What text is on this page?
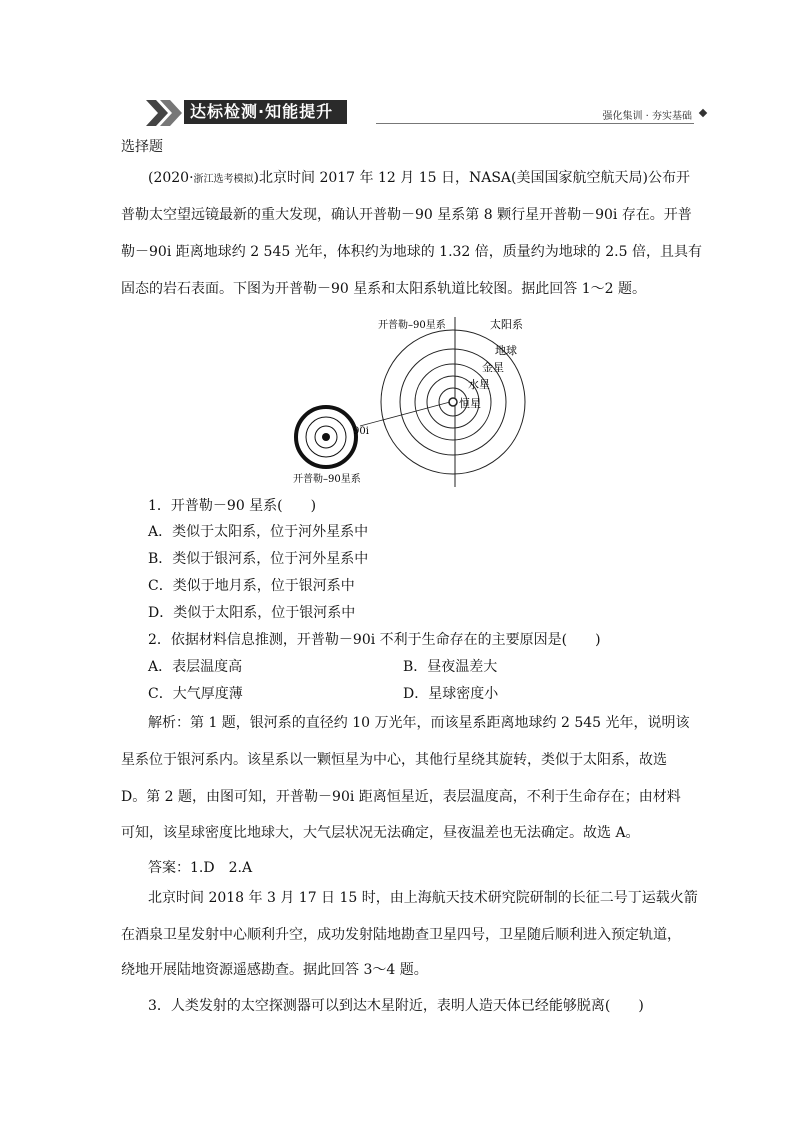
达标检测·知能提升	强化集训 · 夯实基础
选择题
(2020·浙江选考模拟)北京时间 2017 年 12 月 15 日，NASA(美国国家航空航天局)公布开
普勒太空望远镜最新的重大发现，确认开普勒－90 星系第 8 颗行星开普勒－90i 存在。开普
勒－90i 距离地球约 2 545 光年，体积约为地球的 1.32 倍，质量约为地球的 2.5 倍，且具有
固态的岩石表面。下图为开普勒－90 星系和太阳系轨道比较图。据此回答 1～2 题。
开普勒–90星系	太阳系
地球
金星
水星
恒星
90i
开普勒–90星系
1．开普勒－90 星系(　　)
A．类似于太阳系，位于河外星系中
B．类似于银河系，位于河外星系中
C．类似于地月系，位于银河系中
D．类似于太阳系，位于银河系中
2．依据材料信息推测，开普勒－90i 不利于生命存在的主要原因是(　　)
A．表层温度高	B．昼夜温差大
C．大气厚度薄	D．星球密度小
解析：第 1 题，银河系的直径约 10 万光年，而该星系距离地球约 2 545 光年，说明该
星系位于银河系内。该星系以一颗恒星为中心，其他行星绕其旋转，类似于太阳系，故选
D。第 2 题，由图可知，开普勒－90i 距离恒星近，表层温度高，不利于生命存在；由材料
可知，该星球密度比地球大，大气层状况无法确定，昼夜温差也无法确定。故选 A。
答案：1.D　2.A
北京时间 2018 年 3 月 17 日 15 时，由上海航天技术研究院研制的长征二号丁运载火箭
在酒泉卫星发射中心顺利升空，成功发射陆地勘查卫星四号，卫星随后顺利进入预定轨道，
绕地开展陆地资源遥感勘查。据此回答 3～4 题。
3．人类发射的太空探测器可以到达木星附近，表明人造天体已经能够脱离(　　)
